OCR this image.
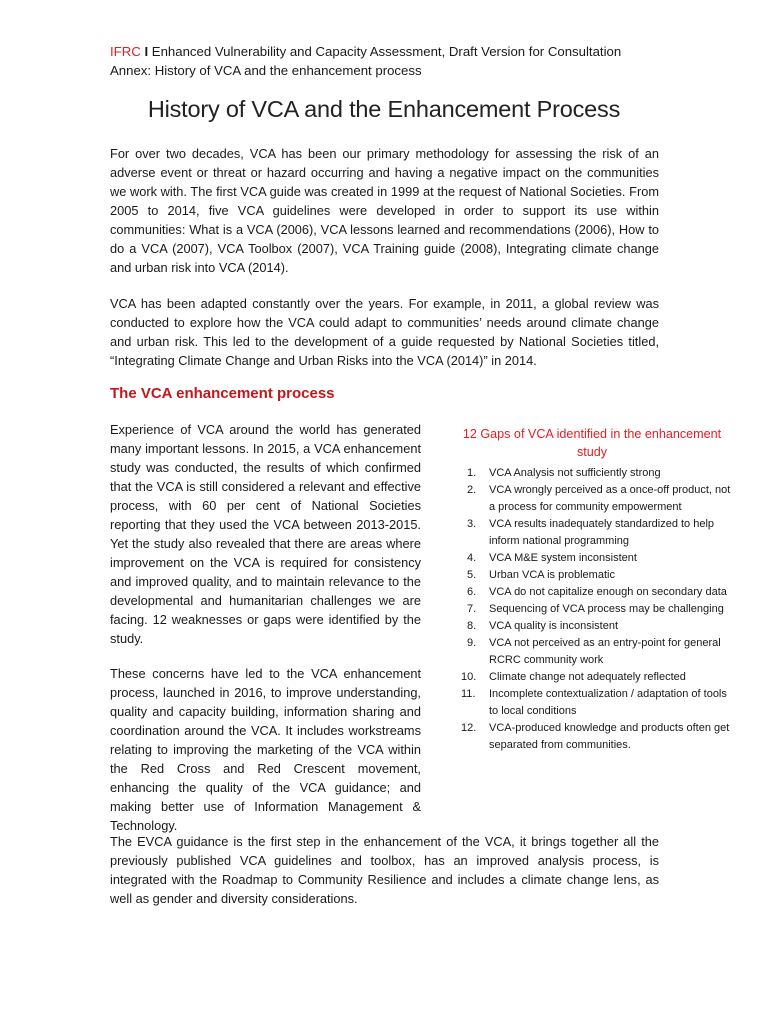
IFRC I Enhanced Vulnerability and Capacity Assessment, Draft Version for Consultation
Annex: History of VCA and the enhancement process
History of VCA and the Enhancement Process

For over two decades, VCA has been our primary methodology for assessing the risk of an adverse event or threat or hazard occurring and having a negative impact on the communities we work with. The first VCA guide was created in 1999 at the request of National Societies. From 2005 to 2014, five VCA guidelines were developed in order to support its use within communities: What is a VCA (2006), VCA lessons learned and recommendations (2006), How to do a VCA (2007), VCA Toolbox (2007), VCA Training guide (2008), Integrating climate change and urban risk into VCA (2014).

VCA has been adapted constantly over the years. For example, in 2011, a global review was conducted to explore how the VCA could adapt to communities’ needs around climate change and urban risk. This led to the development of a guide requested by National Societies titled, “Integrating Climate Change and Urban Risks into the VCA (2014)” in 2014.

The VCA enhancement process

Experience of VCA around the world has generated many important lessons. In 2015, a VCA enhancement study was conducted, the results of which confirmed that the VCA is still considered a relevant and effective process, with 60 per cent of National Societies reporting that they used the VCA between 2013-2015. Yet the study also revealed that there are areas where improvement on the VCA is required for consistency and improved quality, and to maintain relevance to the developmental and humanitarian challenges we are facing. 12 weaknesses or gaps were identified by the study.

These concerns have led to the VCA enhancement process, launched in 2016, to improve understanding, quality and capacity building, information sharing and coordination around the VCA. It includes workstreams relating to improving the marketing of the VCA within the Red Cross and Red Crescent movement, enhancing the quality of the VCA guidance; and making better use of Information Management & Technology.

12 Gaps of VCA identified in the enhancement study

1.	VCA Analysis not sufficiently strong
2.	VCA wrongly perceived as a once-off product, not a process for community empowerment
3.	VCA results inadequately standardized to help inform national programming
4.	VCA M&E system inconsistent
5.	Urban VCA is problematic
6.	VCA do not capitalize enough on secondary data
7.	Sequencing of VCA process may be challenging
8.	VCA quality is inconsistent
9.	VCA not perceived as an entry-point for general RCRC community work
10.	Climate change not adequately reflected
11.	Incomplete contextualization / adaptation of tools to local conditions
12.	VCA-produced knowledge and products often get separated from communities.

The EVCA guidance is the first step in the enhancement of the VCA, it brings together all the previously published VCA guidelines and toolbox, has an improved analysis process, is integrated with the Roadmap to Community Resilience and includes a climate change lens, as well as gender and diversity considerations.
